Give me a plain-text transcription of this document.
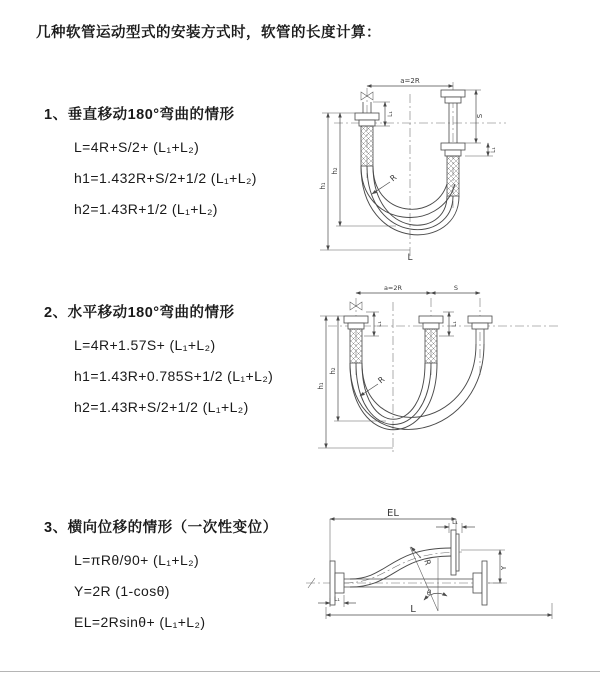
几种软管运动型式的安装方式时，软管的长度计算：
1、垂直移动180°弯曲的情形
L=4R+S/2+ (L₁+L₂)
h1=1.432R+S/2+1/2 (L₁+L₂)
h2=1.43R+1/2 (L₁+L₂)
2、水平移动180°弯曲的情形
L=4R+1.57S+ (L₁+L₂)
h1=1.43R+0.785S+1/2 (L₁+L₂)
h2=1.43R+S/2+1/2 (L₁+L₂)
3、横向位移的情形（一次性变位）
L=πRθ/90+ (L₁+L₂)
Y=2R (1-cosθ)
EL=2Rsinθ+ (L₁+L₂)
a=2R
h₁
h₂
L₁	S
L₁
R
L
a=2R	S
h₁
h₂
L₁	L₁
R
EL
L₁
Y
R
θ
L₁
L
